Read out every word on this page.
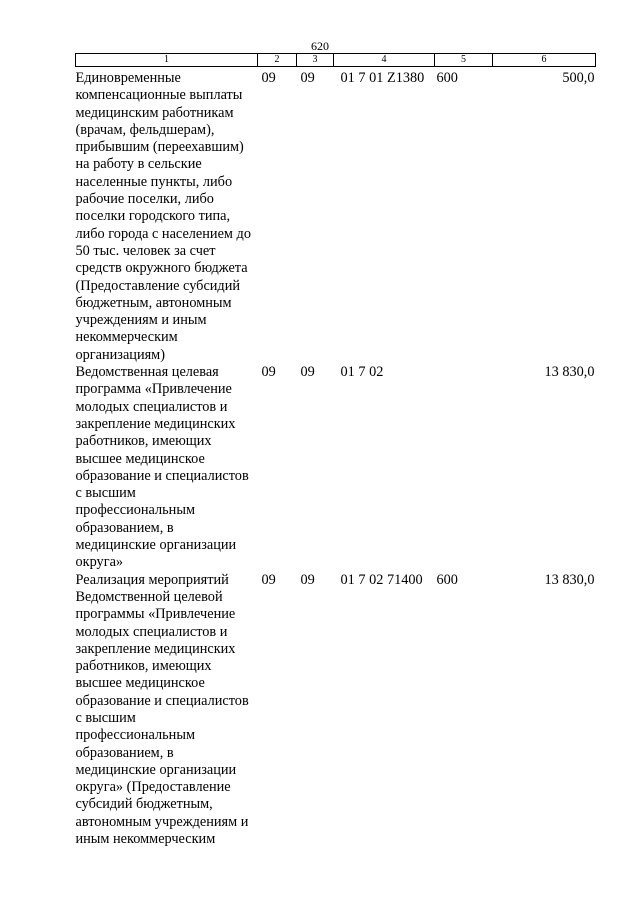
620
1	2	3	4	5	6
Единовременные компенсационные выплаты медицинским работникам (врачам, фельдшерам), прибывшим (переехавшим) на работу в сельские населенные пункты, либо рабочие поселки, либо поселки городского типа, либо города с населением до 50 тыс. человек за счет средств окружного бюджета (Предоставление субсидий бюджетным, автономным учреждениям и иным некоммерческим организациям)	09	09	01 7 01 Z1380	600	500,0
Ведомственная целевая программа «Привлечение молодых специалистов и закрепление медицинских работников, имеющих высшее медицинское образование и специалистов с высшим профессиональным образованием, в медицинские организации округа»	09	09	01 7 02		13 830,0
Реализация мероприятий Ведомственной целевой программы «Привлечение молодых специалистов и закрепление медицинских работников, имеющих высшее медицинское образование и специалистов с высшим профессиональным образованием, в медицинские организации округа» (Предоставление субсидий бюджетным, автономным учреждениям и иным некоммерческим	09	09	01 7 02 71400	600	13 830,0
